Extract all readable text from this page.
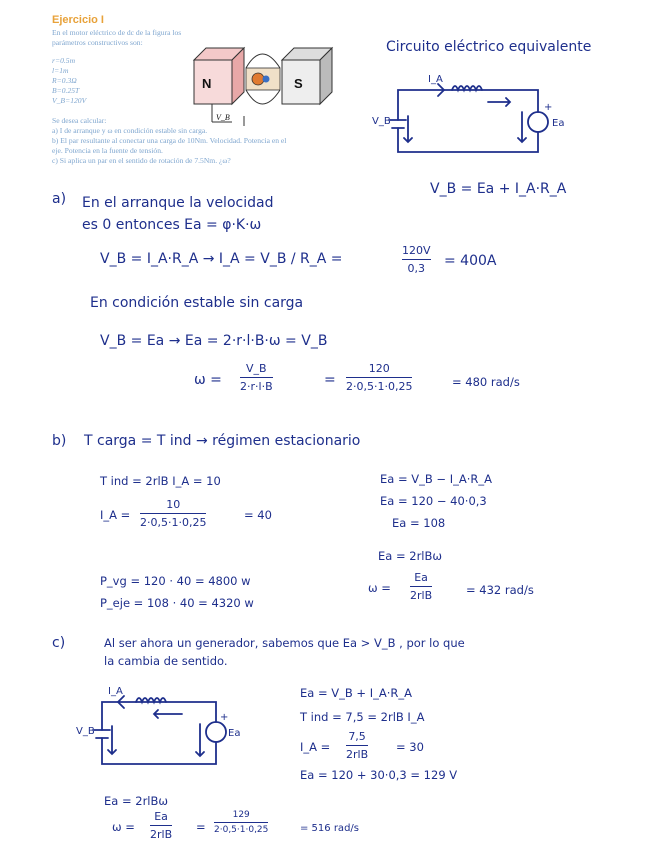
Ejercicio I

En el motor eléctrico de dc de la figura los

parámetros constructivos son:

r=0.5m
l=1m
R=0.3Ω
B=0.25T
V_B=120V

Se desea calcular:

a) I de arranque y ω en condición estable sin carga.

b) El par resultante al conectar una carga de 10Nm. Velocidad. Potencia en el

eje. Potencia en la fuente de tensión.

c) Si aplica un par en el sentido de rotación de 7.5Nm. ¿ω?

N	S
V_B
Circuito eléctrico equivalente
I_A
V_B	Ea
+
V_B = Ea + I_A·R_A
a) En el arranque la velocidad
es 0 entonces Ea = φ·K·ω
V_B = I_A·R_A → I_A = V_B / R_A =
120V
0,3 = 400A
En condición estable sin carga
V_B = Ea → Ea = 2·r·l·B·ω = V_B
ω =
V_B
2·r·l·B	=
120
2·0,5·1·0,25	= 480 rad/s
b) T carga = T ind → régimen estacionario
T ind = 2rlB I_A = 10
I_A =
10
2·0,5·1·0,25
= 40
Ea = V_B − I_A·R_A
Ea = 120 − 40·0,3
Ea = 108
Ea = 2rlBω
ω =
Ea
2rlB	= 432 rad/s
P_vg = 120 · 40 = 4800 w
P_eje = 108 · 40 = 4320 w
c)	Al ser ahora un generador, sabemos que Ea > V_B , por lo que
la cambia de sentido.
I_A
V_B	Ea
+
Ea = V_B + I_A·R_A
T ind = 7,5 = 2rlB I_A
I_A =
7,5
2rlB
= 30
Ea = 120 + 30·0,3 = 129 V
Ea = 2rlBω
ω =
Ea
2rlB
=
129
2·0,5·1·0,25	= 516 rad/s
